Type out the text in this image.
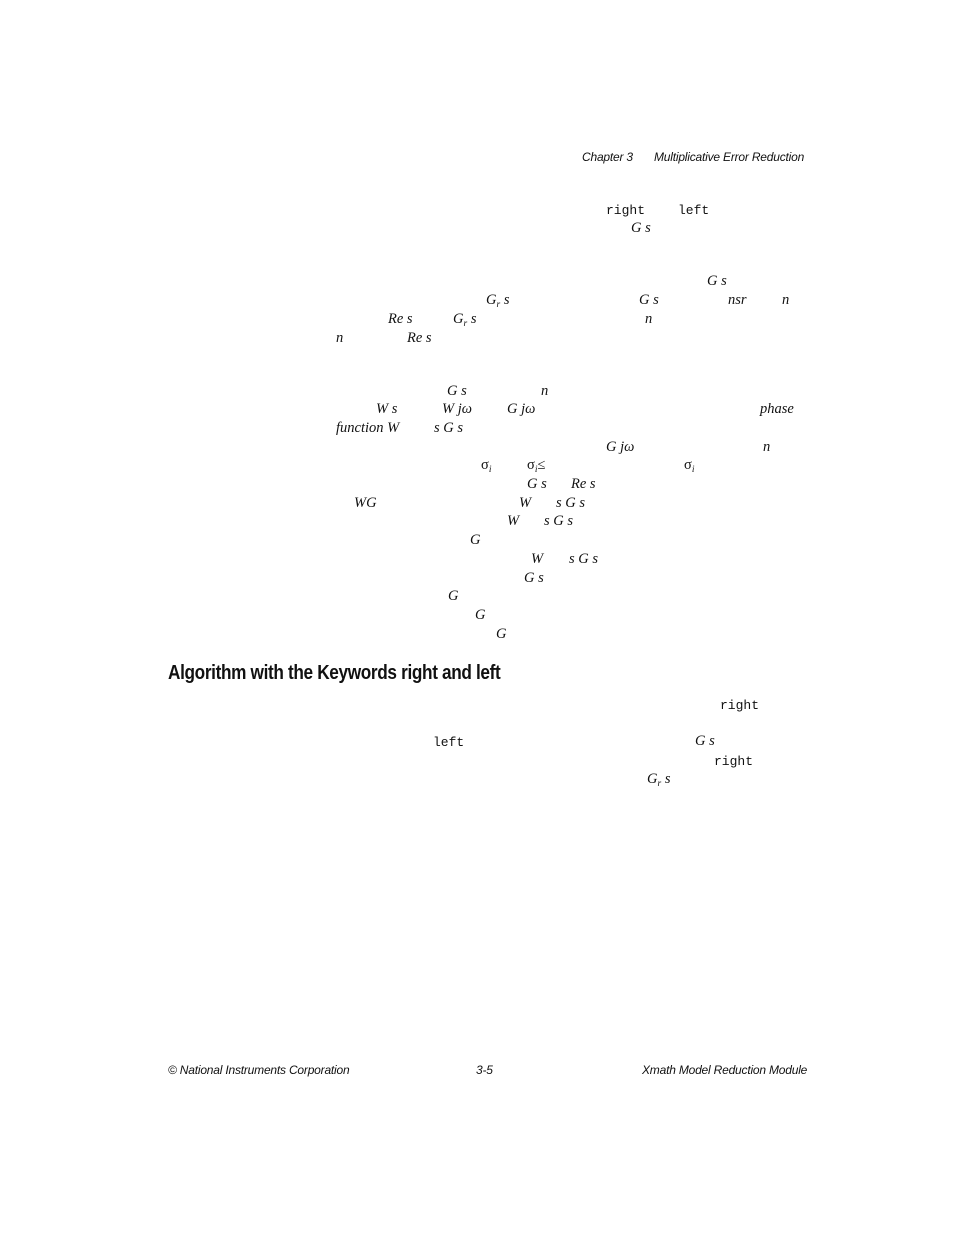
Chapter 3 Multiplicative Error Reduction
right	left
G s
G s
$G_r$ s	G s	nsr n
Re s	$G_r$ s	n
n	Re s
G s	n
W s	W jω G jω	phase
function W s G s
G jω	n
$\sigma_i$ $\sigma_i\le$	$\sigma_i$
G s Re s
WG	W s G s
W s G s
G
W s G s
G s
G
G
G
Algorithm with the Keywords right and left
right
left	G s
right
$G_r$ s
© National Instruments Corporation	3-5	Xmath Model Reduction Module
